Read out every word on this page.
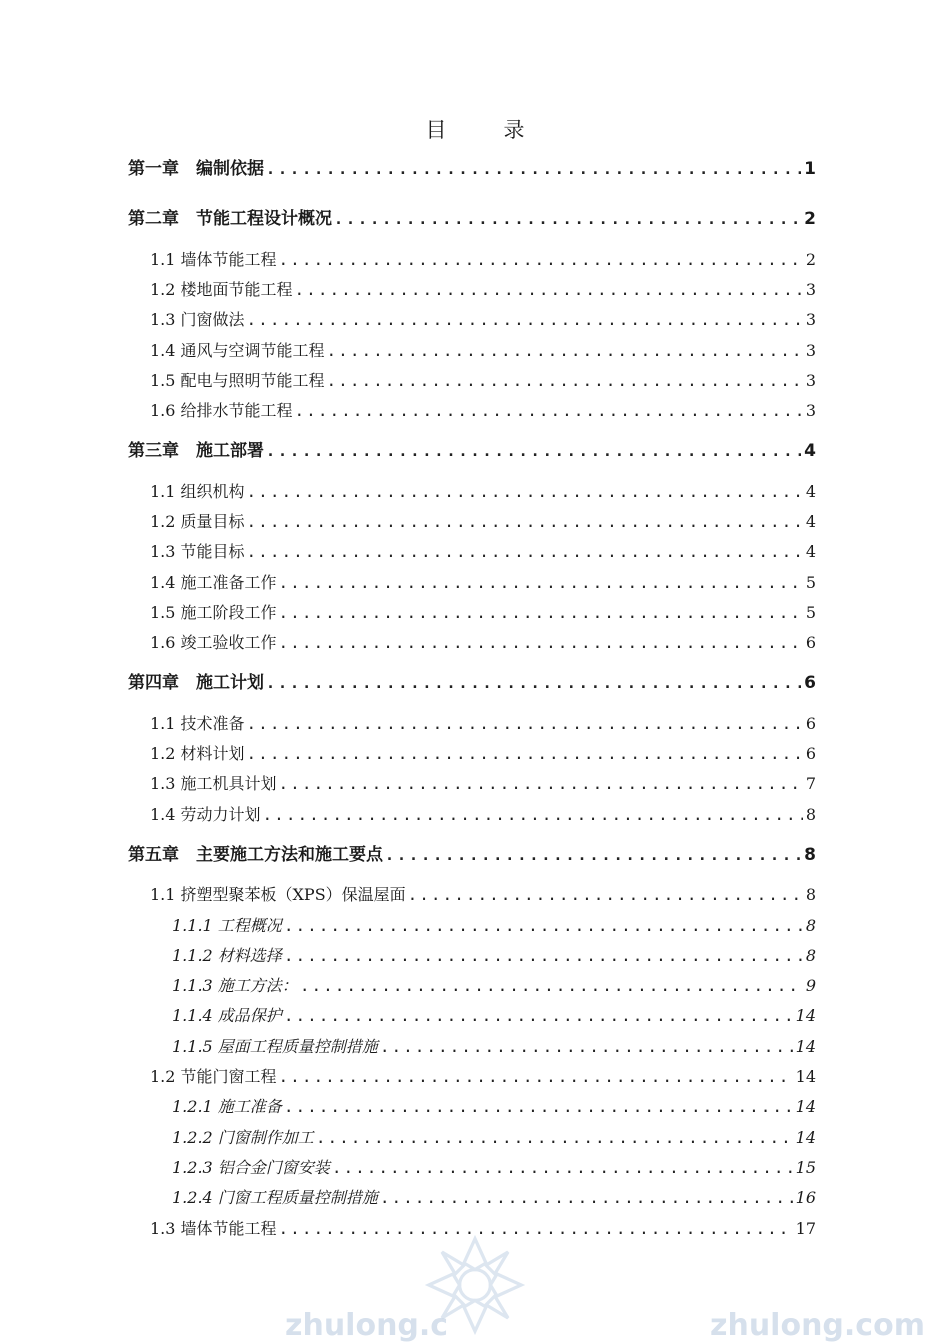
目　录
第一章　编制依据 .....	1
第二章　节能工程设计概况 .....	2
1.1 墙体节能工程 .....	2
1.2 楼地面节能工程 .....	3
1.3 门窗做法 .....	3
1.4 通风与空调节能工程 .....	3
1.5 配电与照明节能工程 .....	3
1.6 给排水节能工程 .....	3
第三章　施工部署 .....	4
1.1 组织机构 .....	4
1.2 质量目标 .....	4
1.3 节能目标 .....	4
1.4 施工准备工作 .....	5
1.5 施工阶段工作 .....	5
1.6 竣工验收工作 .....	6
第四章　施工计划 .....	6
1.1 技术准备 .....	6
1.2 材料计划 .....	6
1.3 施工机具计划 .....	7
1.4 劳动力计划 .....	8
第五章　主要施工方法和施工要点 .....	8
1.1 挤塑型聚苯板（XPS）保温屋面 .....	8
1.1.1 工程概况 .....	8
1.1.2 材料选择 .....	8
1.1.3 施工方法： .....	9
1.1.4 成品保护 .....	14
1.1.5 屋面工程质量控制措施 .....	14
1.2 节能门窗工程 .....	14
1.2.1 施工准备 .....	14
1.2.2 门窗制作加工 .....	14
1.2.3 铝合金门窗安装 .....	15
1.2.4 门窗工程质量控制措施 .....	16
1.3 墙体节能工程 .....	17
zhulong.c	zhulong.com
